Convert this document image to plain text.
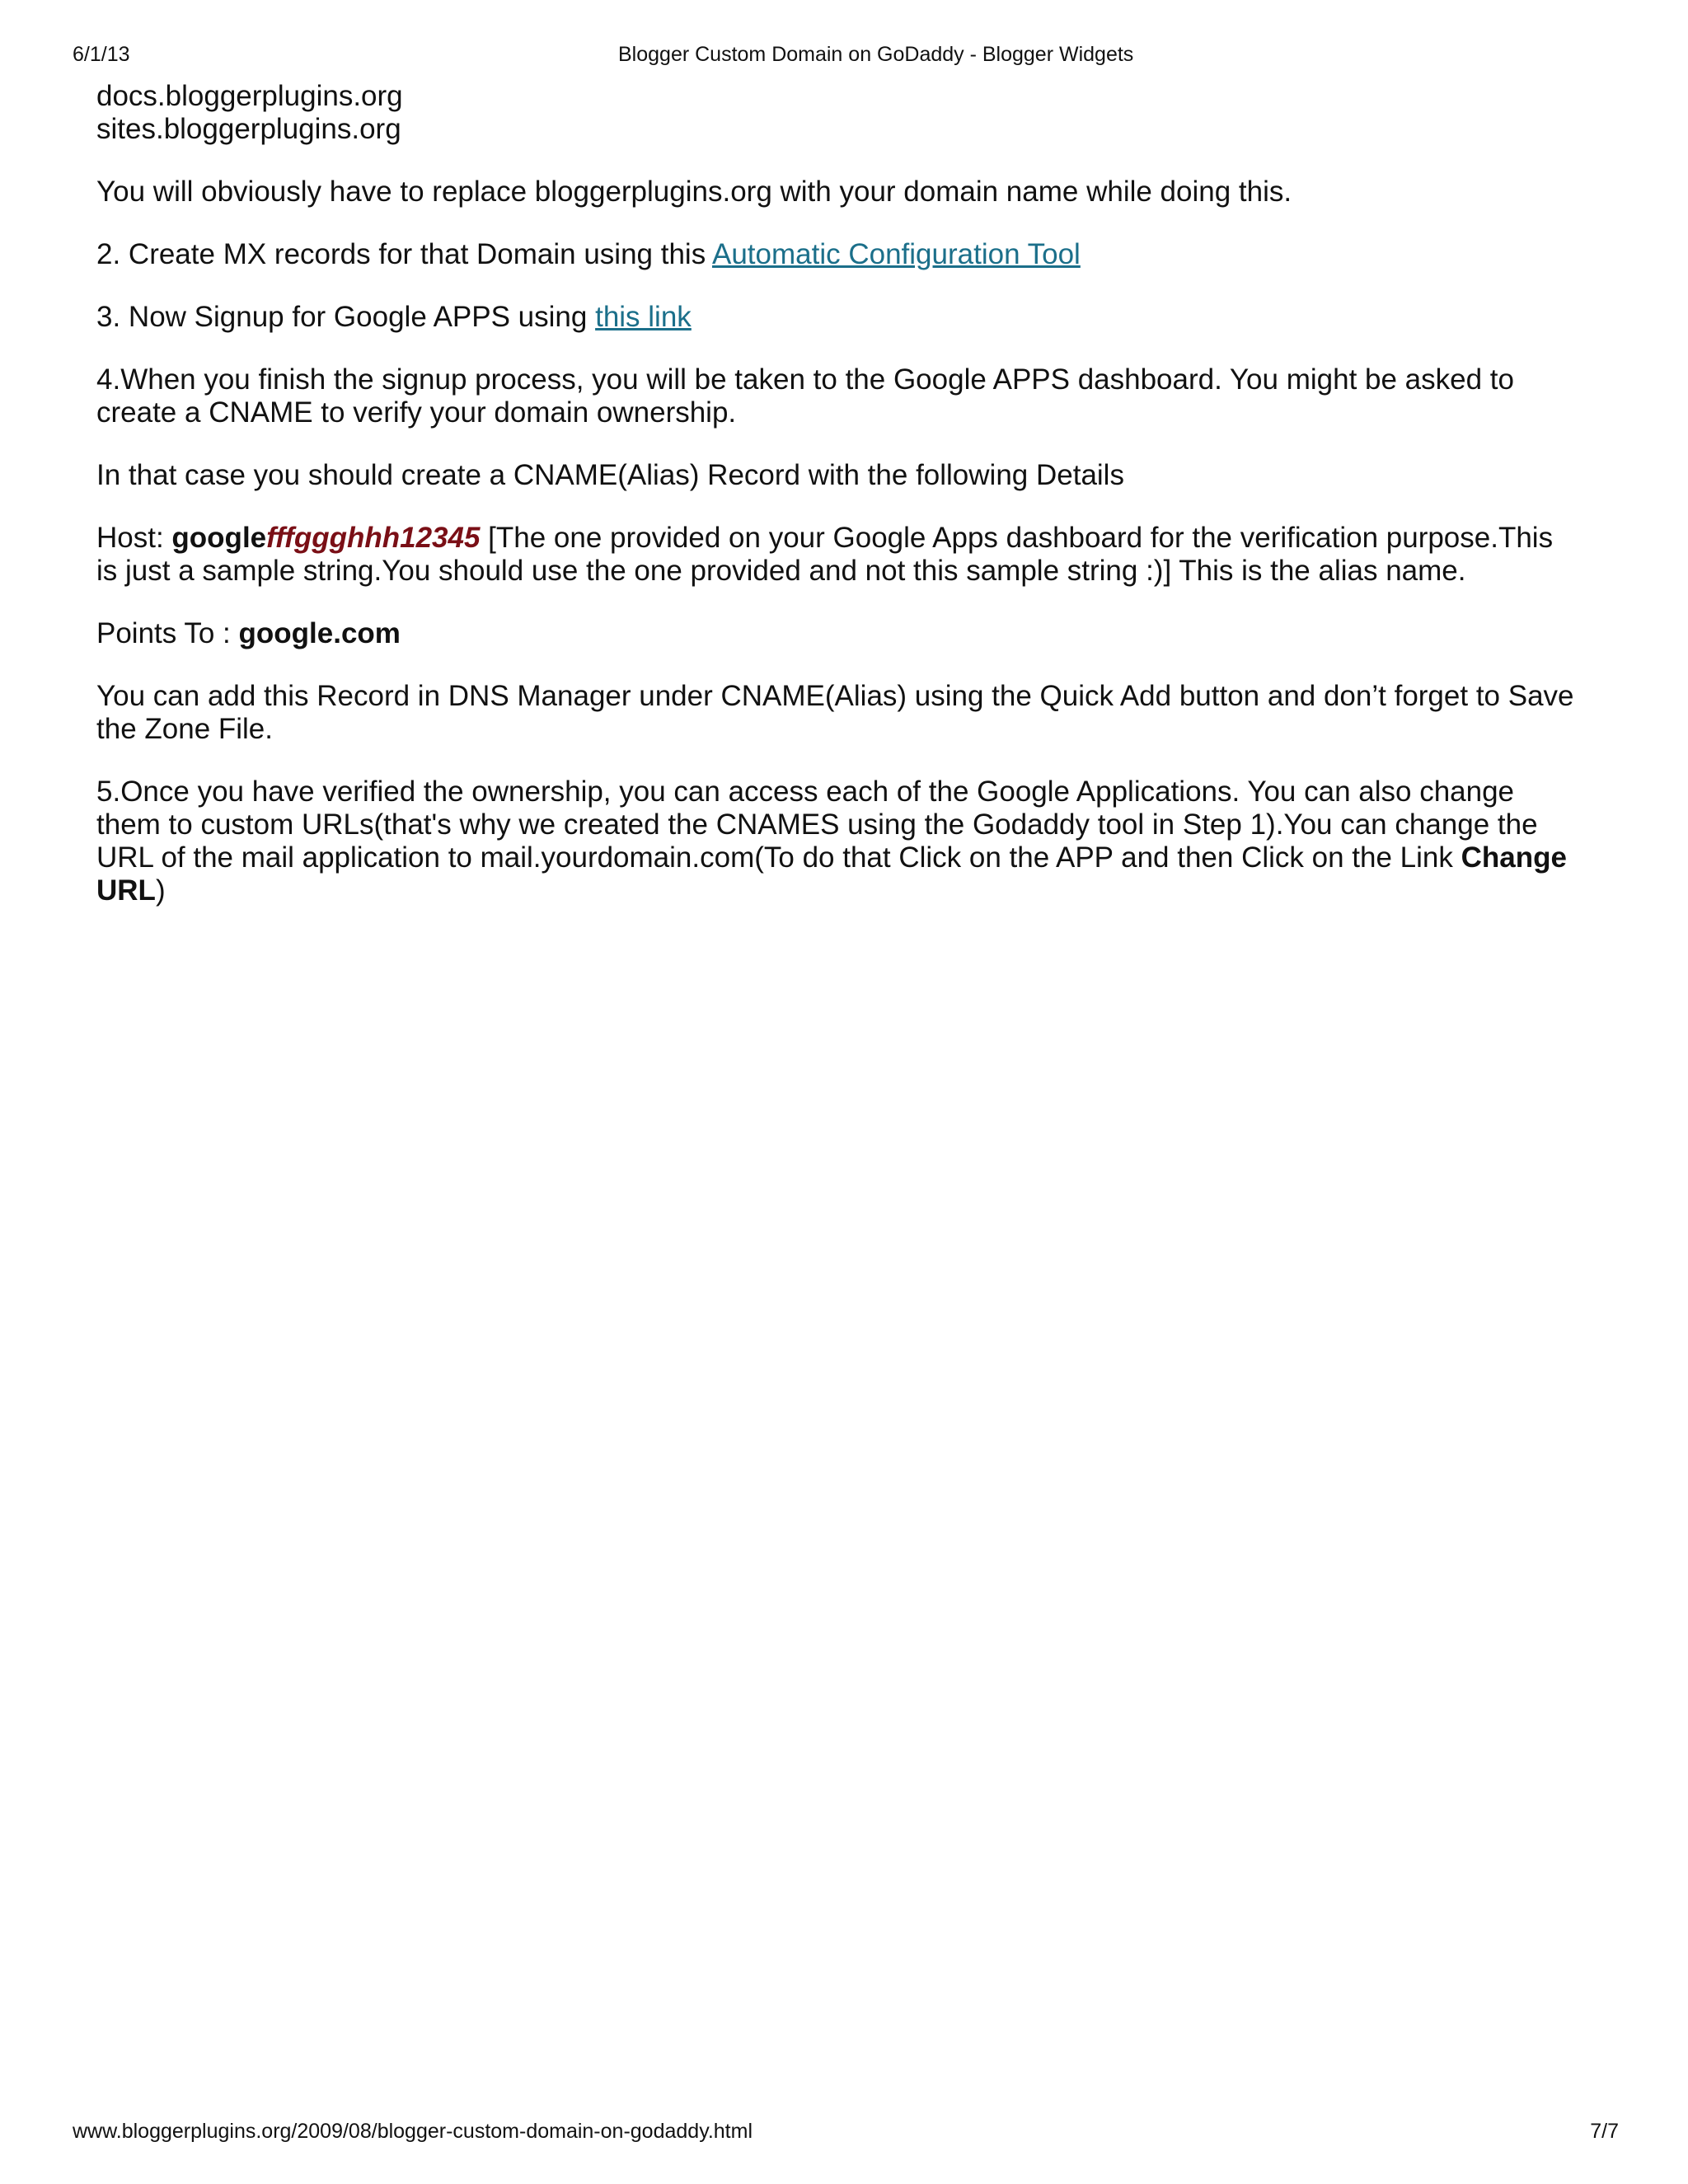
6/1/13	Blogger Custom Domain on GoDaddy - Blogger Widgets

docs.bloggerplugins.org
sites.bloggerplugins.org

You will obviously have to replace bloggerplugins.org with your domain name while doing this.

2. Create MX records for that Domain using this Automatic Configuration Tool

3. Now Signup for Google APPS using this link

4.When you finish the signup process, you will be taken to the Google APPS dashboard. You might be asked to create a CNAME to verify your domain ownership.

In that case you should create a CNAME(Alias) Record with the following Details

Host: googlefffggghhh12345 [The one provided on your Google Apps dashboard for the verification purpose.This is just a sample string.You should use the one provided and not this sample string :)] This is the alias name.

Points To : google.com

You can add this Record in DNS Manager under CNAME(Alias) using the Quick Add button and don’t forget to Save the Zone File.

5.Once you have verified the ownership, you can access each of the Google Applications. You can also change them to custom URLs(that's why we created the CNAMES using the Godaddy tool in Step 1).You can change the URL of the mail application to mail.yourdomain.com(To do that Click on the APP and then Click on the Link Change URL)

www.bloggerplugins.org/2009/08/blogger-custom-domain-on-godaddy.html	7/7
